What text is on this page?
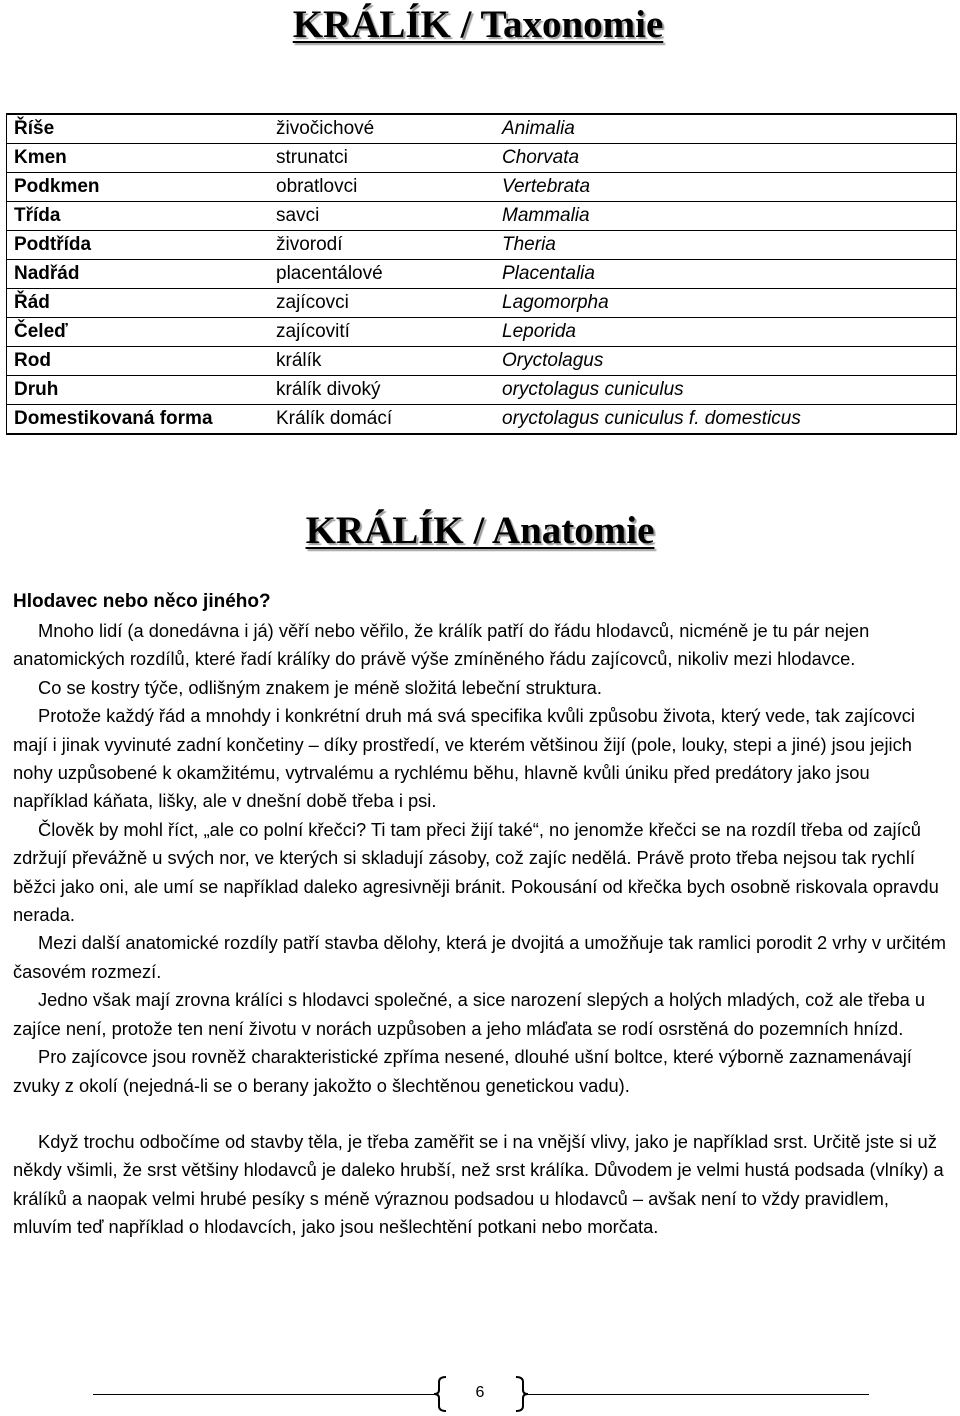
KRÁLÍK / Taxonomie
Říše	živočichové	Animalia
Kmen	strunatci	Chorvata
Podkmen	obratlovci	Vertebrata
Třída	savci	Mammalia
Podtřída	živorodí	Theria
Nadřád	placentálové	Placentalia
Řád	zajícovci	Lagomorpha
Čeleď	zajícovití	Leporida
Rod	králík	Oryctolagus
Druh	králík divoký	oryctolagus cuniculus
Domestikovaná forma	Králík domácí	oryctolagus cuniculus f. domesticus
KRÁLÍK / Anatomie
Hlodavec nebo něco jiného?

Mnoho lidí (a donedávna i já) věří nebo věřilo, že králík patří do řádu hlodavců, nicméně je tu pár nejen anatomických rozdílů, které řadí králíky do právě výše zmíněného řádu zajícovců, nikoliv mezi hlodavce.

Co se kostry týče, odlišným znakem je méně složitá lebeční struktura.

Protože každý řád a mnohdy i konkrétní druh má svá specifika kvůli způsobu života, který vede, tak zajícovci mají i jinak vyvinuté zadní končetiny – díky prostředí, ve kterém většinou žijí (pole, louky, stepi a jiné) jsou jejich nohy uzpůsobené k okamžitému, vytrvalému a rychlému běhu, hlavně kvůli úniku před predátory jako jsou například káňata, lišky, ale v dnešní době třeba i psi.

Člověk by mohl říct, „ale co polní křečci? Ti tam přeci žijí také“, no jenomže křečci se na rozdíl třeba od zajíců zdržují převážně u svých nor, ve kterých si skladují zásoby, což zajíc nedělá. Právě proto třeba nejsou tak rychlí běžci jako oni, ale umí se například daleko agresivněji bránit. Pokousání od křečka bych osobně riskovala opravdu nerada.

Mezi další anatomické rozdíly patří stavba dělohy, která je dvojitá a umožňuje tak ramlici porodit 2 vrhy v určitém časovém rozmezí.

Jedno však mají zrovna králíci s hlodavci společné, a sice narození slepých a holých mladých, což ale třeba u zajíce není, protože ten není životu v norách uzpůsoben a jeho mláďata se rodí osrstěná do pozemních hnízd.

Pro zajícovce jsou rovněž charakteristické zpříma nesené, dlouhé ušní boltce, které výborně zaznamenávají zvuky z okolí (nejedná-li se o berany jakožto o šlechtěnou genetickou vadu).

Když trochu odbočíme od stavby těla, je třeba zaměřit se i na vnější vlivy, jako je například srst. Určitě jste si už někdy všimli, že srst většiny hlodavců je daleko hrubší, než srst králíka. Důvodem je velmi hustá podsada (vlníky) a králíků a naopak velmi hrubé pesíky s méně výraznou podsadou u hlodavců – avšak není to vždy pravidlem, mluvím teď například o hlodavcích, jako jsou nešlechtění potkani nebo morčata.

6
